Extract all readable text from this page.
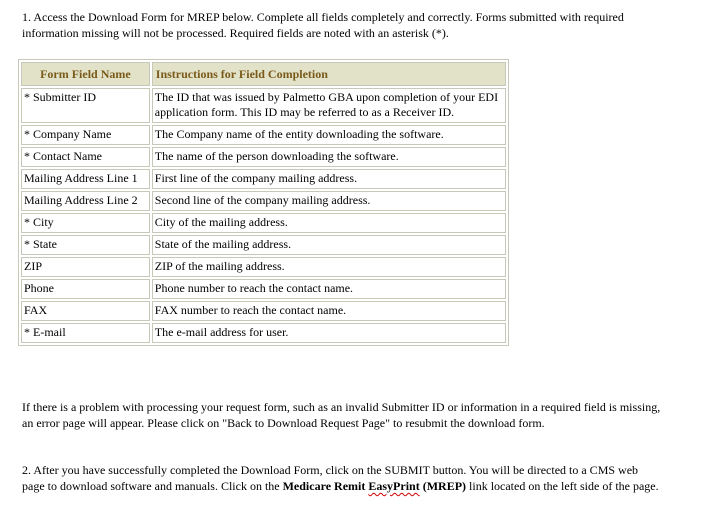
1. Access the Download Form for MREP below. Complete all fields completely and correctly. Forms submitted with required information missing will not be processed. Required fields are noted with an asterisk (*).

Form Field Name	Instructions for Field Completion
* Submitter ID	The ID that was issued by Palmetto GBA upon completion of your EDI application form. This ID may be referred to as a Receiver ID.
* Company Name	The Company name of the entity downloading the software.
* Contact Name	The name of the person downloading the software.
Mailing Address Line 1	First line of the company mailing address.
Mailing Address Line 2	Second line of the company mailing address.
* City	City of the mailing address.
* State	State of the mailing address.
ZIP	ZIP of the mailing address.
Phone	Phone number to reach the contact name.
FAX	FAX number to reach the contact name.
* E-mail	The e-mail address for user.

If there is a problem with processing your request form, such as an invalid Submitter ID or information in a required field is missing, an error page will appear. Please click on "Back to Download Request Page" to resubmit the download form.

2. After you have successfully completed the Download Form, click on the SUBMIT button. You will be directed to a CMS web page to download software and manuals. Click on the Medicare Remit EasyPrint (MREP) link located on the left side of the page.
